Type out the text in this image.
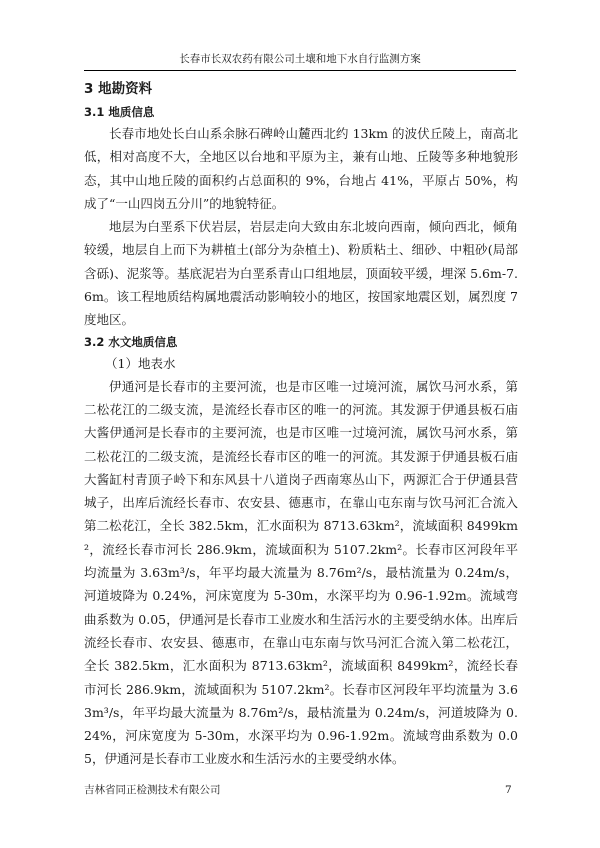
长春市长双农药有限公司土壤和地下水自行监测方案
3 地勘资料
3.1 地质信息

长春市地处长白山系余脉石碑岭山麓西北约 13km 的波伏丘陵上，南高北低，相对高度不大，全地区以台地和平原为主，兼有山地、丘陵等多种地貌形态，其中山地丘陵的面积约占总面积的 9%，台地占 41%，平原占 50%，构成了“一山四岗五分川”的地貌特征。

地层为白垩系下伏岩层，岩层走向大致由东北坡向西南，倾向西北，倾角较缓，地层自上而下为耕植土(部分为杂植土)、粉质粘土、细砂、中粗砂(局部含砾)、泥浆等。基底泥岩为白垩系青山口组地层，顶面较平缓，埋深 5.6m-7.6m。该工程地质结构属地震活动影响较小的地区，按国家地震区划，属烈度 7 度地区。

3.2 水文地质信息
（1）地表水

伊通河是长春市的主要河流，也是市区唯一过境河流，属饮马河水系，第二松花江的二级支流，是流经长春市区的唯一的河流。其发源于伊通县板石庙大酱伊通河是长春市的主要河流，也是市区唯一过境河流，属饮马河水系，第二松花江的二级支流，是流经长春市区的唯一的河流。其发源于伊通县板石庙大酱缸村青顶子岭下和东风县十八道岗子西南寒丛山下，两源汇合于伊通县营城子，出库后流经长春市、农安县、德惠市，在靠山屯东南与饮马河汇合流入第二松花江，全长 382.5km，汇水面积为 8713.63km²，流域面积 8499km²，流经长春市河长 286.9km，流域面积为 5107.2km²。长春市区河段年平均流量为 3.63m³/s，年平均最大流量为 8.76m²/s，最枯流量为 0.24m/s，河道坡降为 0.24%，河床宽度为 5-30m，水深平均为 0.96-1.92m。流域弯曲系数为 0.05，伊通河是长春市工业废水和生活污水的主要受纳水体。出库后流经长春市、农安县、德惠市，在靠山屯东南与饮马河汇合流入第二松花江，全长 382.5km，汇水面积为 8713.63km²，流域面积 8499km²，流经长春市河长 286.9km，流域面积为 5107.2km²。长春市区河段年平均流量为 3.63m³/s，年平均最大流量为 8.76m²/s，最枯流量为 0.24m/s，河道坡降为 0.24%，河床宽度为 5-30m，水深平均为 0.96-1.92m。流域弯曲系数为 0.05，伊通河是长春市工业废水和生活污水的主要受纳水体。

吉林省同正检测技术有限公司	7
